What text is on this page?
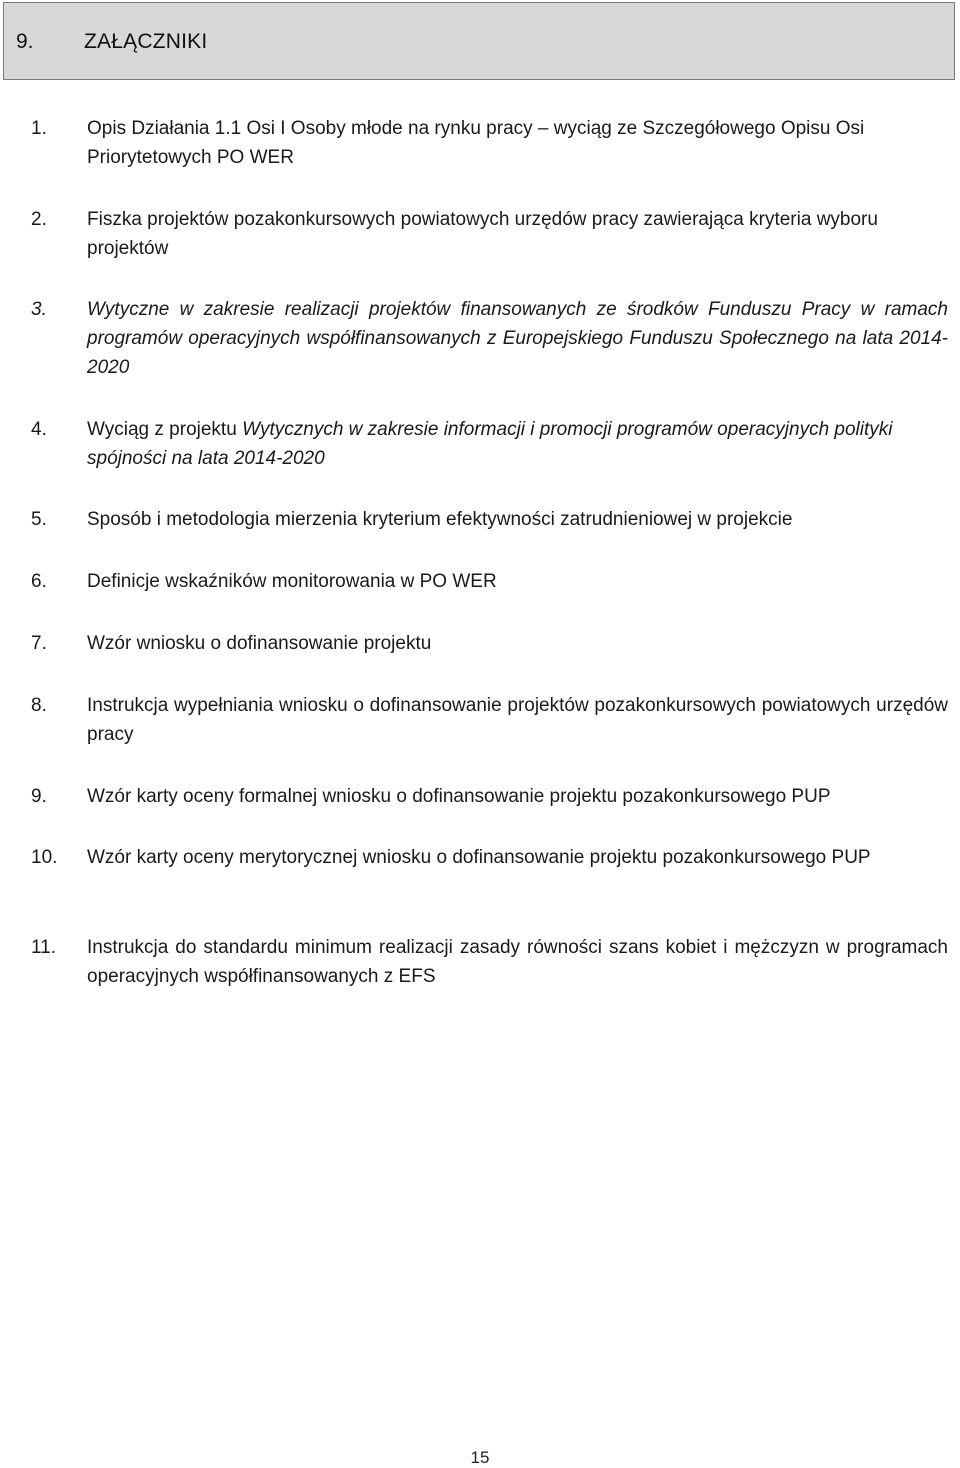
9. ZAŁĄCZNIKI
1.	Opis Działania 1.1 Osi I Osoby młode na rynku pracy – wyciąg ze Szczegółowego Opisu Osi Priorytetowych PO WER
2.	Fiszka projektów pozakonkursowych powiatowych urzędów pracy zawierająca kryteria wyboru projektów
3.	Wytyczne w zakresie realizacji projektów finansowanych ze środków Funduszu Pracy w ramach programów operacyjnych współfinansowanych z Europejskiego Funduszu Społecznego na lata 2014-2020
4.	Wyciąg z projektu Wytycznych w zakresie informacji i promocji programów operacyjnych polityki spójności na lata 2014-2020
5.	Sposób i metodologia mierzenia kryterium efektywności zatrudnieniowej w projekcie
6.	Definicje wskaźników monitorowania w PO WER
7.	Wzór wniosku o dofinansowanie projektu
8.	Instrukcja wypełniania wniosku o dofinansowanie projektów pozakonkursowych powiatowych urzędów pracy
9.	Wzór karty oceny formalnej wniosku o dofinansowanie projektu pozakonkursowego PUP
10.	Wzór karty oceny merytorycznej wniosku o dofinansowanie projektu pozakonkursowego PUP
11.	Instrukcja do standardu minimum realizacji zasady równości szans kobiet i mężczyzn w programach operacyjnych współfinansowanych z EFS
15
